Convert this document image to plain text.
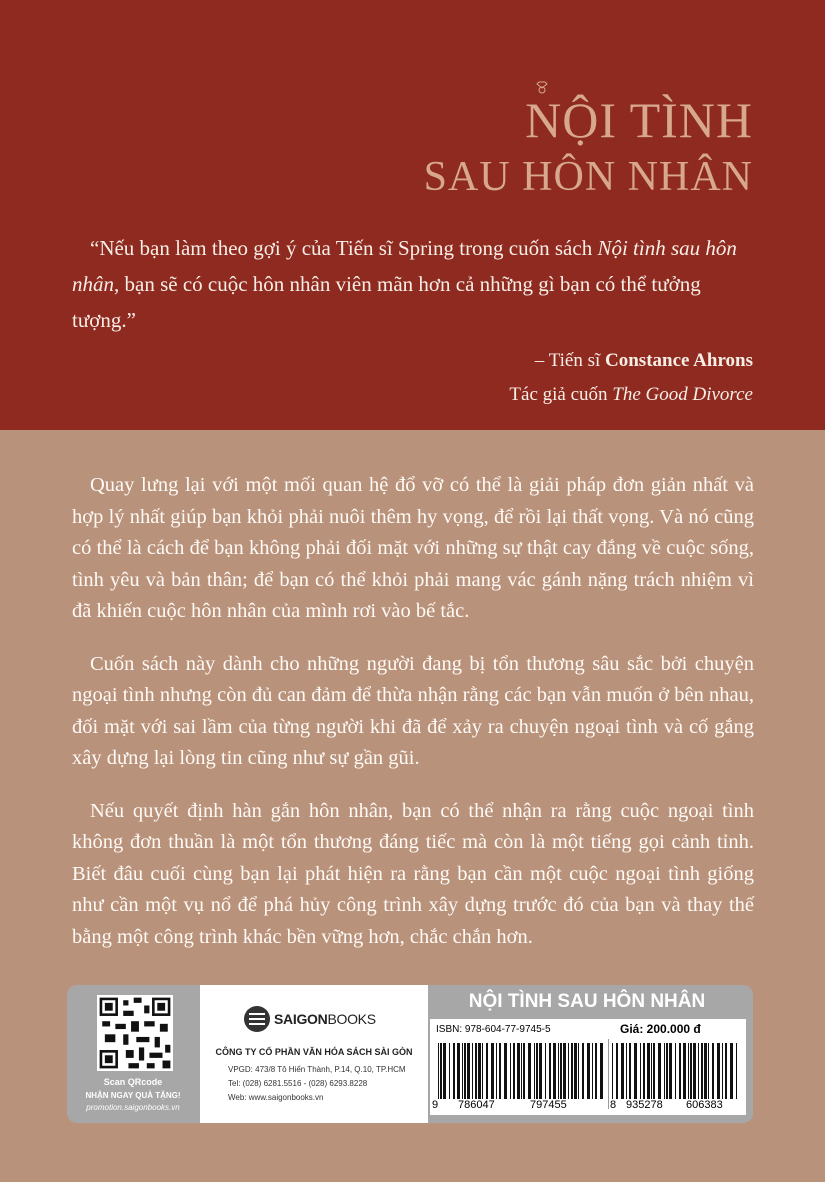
NỘI TÌNH
SAU HÔN NHÂN
“Nếu bạn làm theo gợi ý của Tiến sĩ Spring trong cuốn sách Nội tình sau hôn nhân, bạn sẽ có cuộc hôn nhân viên mãn hơn cả những gì bạn có thể tưởng tượng.”
– Tiến sĩ Constance Ahrons
Tác giả cuốn The Good Divorce

Quay lưng lại với một mối quan hệ đổ vỡ có thể là giải pháp đơn giản nhất và hợp lý nhất giúp bạn khỏi phải nuôi thêm hy vọng, để rồi lại thất vọng. Và nó cũng có thể là cách để bạn không phải đối mặt với những sự thật cay đắng về cuộc sống, tình yêu và bản thân; để bạn có thể khỏi phải mang vác gánh nặng trách nhiệm vì đã khiến cuộc hôn nhân của mình rơi vào bế tắc.

Cuốn sách này dành cho những người đang bị tổn thương sâu sắc bởi chuyện ngoại tình nhưng còn đủ can đảm để thừa nhận rằng các bạn vẫn muốn ở bên nhau, đối mặt với sai lầm của từng người khi đã để xảy ra chuyện ngoại tình và cố gắng xây dựng lại lòng tin cũng như sự gần gũi.

Nếu quyết định hàn gắn hôn nhân, bạn có thể nhận ra rằng cuộc ngoại tình không đơn thuần là một tổn thương đáng tiếc mà còn là một tiếng gọi cảnh tỉnh. Biết đâu cuối cùng bạn lại phát hiện ra rằng bạn cần một cuộc ngoại tình giống như cần một vụ nổ để phá hủy công trình xây dựng trước đó của bạn và thay thế bằng một công trình khác bền vững hơn, chắc chắn hơn.

Scan QRcode
NHẬN NGAY QUÀ TẶNG!
promotion.saigonbooks.vn
SAIGONBOOKS
CÔNG TY CỔ PHẦN VĂN HÓA SÁCH SÀI GÒN
VPGD: 473/8 Tô Hiến Thành, P.14, Q.10, TP.HCM
Tel: (028) 6281.5516 - (028) 6293.8228
Web: www.saigonbooks.vn
NỘI TÌNH SAU HÔN NHÂN
ISBN: 978-604-77-9745-5	Giá: 200.000 đ
9 786047	797455	8 935278 606383
